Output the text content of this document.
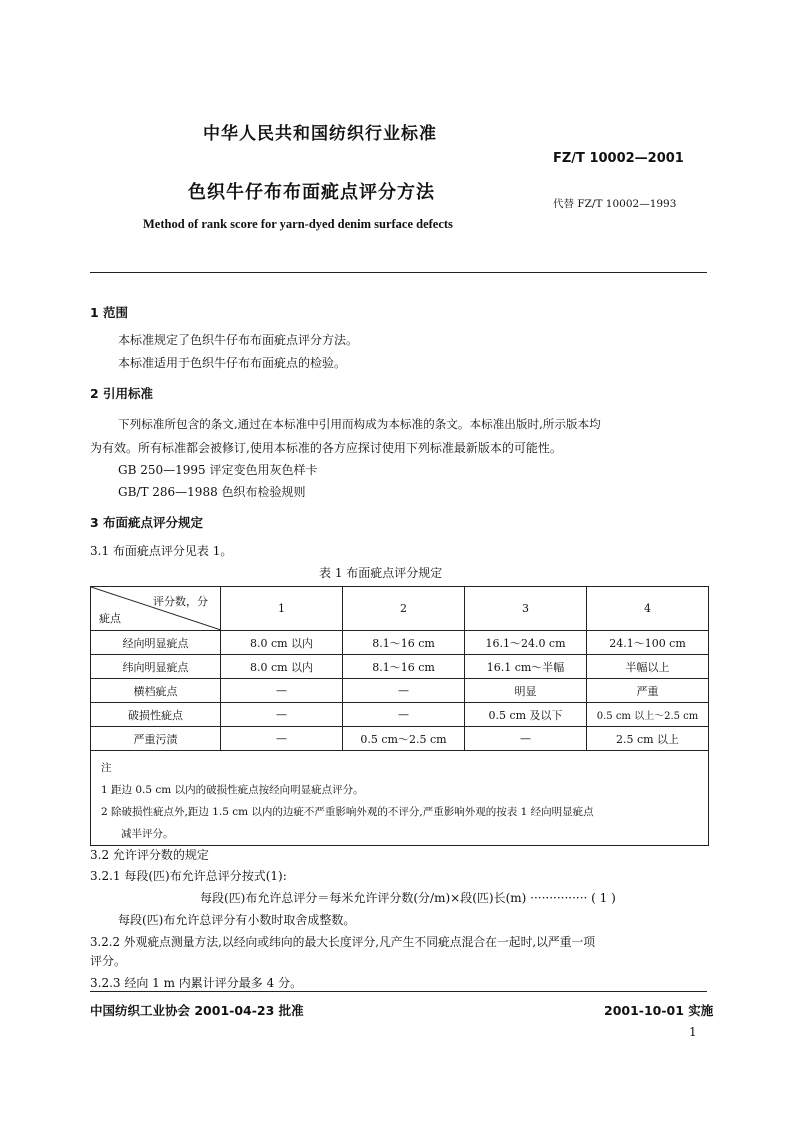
中华人民共和国纺织行业标准
FZ/T 10002—2001
色织牛仔布布面疵点评分方法
代替 FZ/T 10002—1993
Method of rank score for yarn-dyed denim surface defects
1 范围
本标准规定了色织牛仔布布面疵点评分方法。
本标准适用于色织牛仔布布面疵点的检验。
2 引用标准
下列标准所包含的条文,通过在本标准中引用而构成为本标准的条文。本标准出版时,所示版本均
为有效。所有标准都会被修订,使用本标准的各方应探讨使用下列标准最新版本的可能性。
GB 250—1995 评定变色用灰色样卡
GB/T 286—1988 色织布检验规则
3 布面疵点评分规定
3.1 布面疵点评分见表 1。
表 1 布面疵点评分规定
评分数，分
疵点	1	2	3	4
经向明显疵点	8.0 cm 以内	8.1～16 cm	16.1～24.0 cm	24.1～100 cm
纬向明显疵点	8.0 cm 以内	8.1～16 cm	16.1 cm～半幅	半幅以上
横档疵点	—	—	明显	严重
破损性疵点	—	—	0.5 cm 及以下	0.5 cm 以上～2.5 cm
严重污渍	—	0.5 cm～2.5 cm	—	2.5 cm 以上

注
1 距边 0.5 cm 以内的破损性疵点按经向明显疵点评分。
2 除破损性疵点外,距边 1.5 cm 以内的边疵不严重影响外观的不评分,严重影响外观的按表 1 经向明显疵点
减半评分。				
3.2 允许评分数的规定
3.2.1 每段(匹)布允许总评分按式(1):
每段(匹)布允许总评分＝每米允许评分数(分/m)×段(匹)长(m) ··············· ( 1 )
每段(匹)布允许总评分有小数时取舍成整数。
3.2.2 外观疵点测量方法,以经向或纬向的最大长度评分,凡产生不同疵点混合在一起时,以严重一项
评分。
3.2.3 经向 1 m 内累计评分最多 4 分。
中国纺织工业协会 2001-04-23 批准	2001-10-01 实施
1
